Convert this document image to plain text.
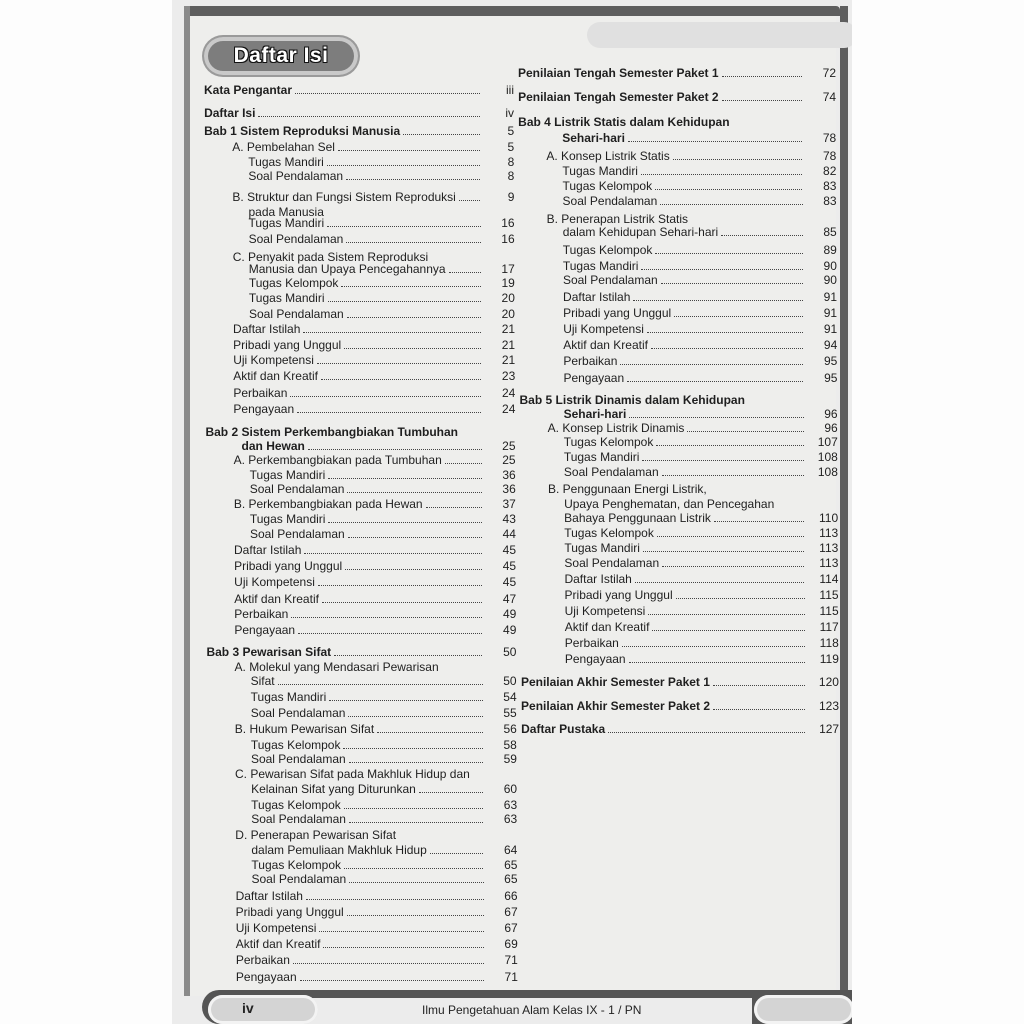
Daftar Isi
iv	Ilmu Pengetahuan Alam Kelas IX - 1 / PN
Kata Pengantar	iii
Daftar Isi	iv
Bab 1 Sistem Reproduksi Manusia	5
A. Pembelahan Sel	5
Tugas Mandiri	8
Soal Pendalaman	8
B. Struktur dan Fungsi Sistem Reproduksi	9
pada Manusia
Tugas Mandiri	16
Soal Pendalaman	16
C. Penyakit pada Sistem Reproduksi
Manusia dan Upaya Pencegahannya	17
Tugas Kelompok	19
Tugas Mandiri	20
Soal Pendalaman	20
Daftar Istilah	21
Pribadi yang Unggul	21
Uji Kompetensi	21
Aktif dan Kreatif	23
Perbaikan	24
Pengayaan	24
Bab 2 Sistem Perkembangbiakan Tumbuhan
dan Hewan	25
A. Perkembangbiakan pada Tumbuhan	25
Tugas Mandiri	36
Soal Pendalaman	36
B. Perkembangbiakan pada Hewan	37
Tugas Mandiri	43
Soal Pendalaman	44
Daftar Istilah	45
Pribadi yang Unggul	45
Uji Kompetensi	45
Aktif dan Kreatif	47
Perbaikan	49
Pengayaan	49
Bab 3 Pewarisan Sifat	50
A. Molekul yang Mendasari Pewarisan
Sifat	50
Tugas Mandiri	54
Soal Pendalaman	55
B. Hukum Pewarisan Sifat	56
Tugas Kelompok	58
Soal Pendalaman	59
C. Pewarisan Sifat pada Makhluk Hidup dan
Kelainan Sifat yang Diturunkan	60
Tugas Kelompok	63
Soal Pendalaman	63
D. Penerapan Pewarisan Sifat
dalam Pemuliaan Makhluk Hidup	64
Tugas Kelompok	65
Soal Pendalaman	65
Daftar Istilah	66
Pribadi yang Unggul	67
Uji Kompetensi	67
Aktif dan Kreatif	69
Perbaikan	71
Pengayaan	71
Penilaian Tengah Semester Paket 1	72
Penilaian Tengah Semester Paket 2	74
Bab 4 Listrik Statis dalam Kehidupan
Sehari-hari	78
A. Konsep Listrik Statis	78
Tugas Mandiri	82
Tugas Kelompok	83
Soal Pendalaman	83
B. Penerapan Listrik Statis
dalam Kehidupan Sehari-hari	85
Tugas Kelompok	89
Tugas Mandiri	90
Soal Pendalaman	90
Daftar Istilah	91
Pribadi yang Unggul	91
Uji Kompetensi	91
Aktif dan Kreatif	94
Perbaikan	95
Pengayaan	95
Bab 5 Listrik Dinamis dalam Kehidupan
Sehari-hari	96
A. Konsep Listrik Dinamis	96
Tugas Kelompok	107
Tugas Mandiri	108
Soal Pendalaman	108
B. Penggunaan Energi Listrik,
Upaya Penghematan, dan Pencegahan
Bahaya Penggunaan Listrik	110
Tugas Kelompok	113
Tugas Mandiri	113
Soal Pendalaman	113
Daftar Istilah	114
Pribadi yang Unggul	115
Uji Kompetensi	115
Aktif dan Kreatif	117
Perbaikan	118
Pengayaan	119
Penilaian Akhir Semester Paket 1	120
Penilaian Akhir Semester Paket 2	123
Daftar Pustaka	127
